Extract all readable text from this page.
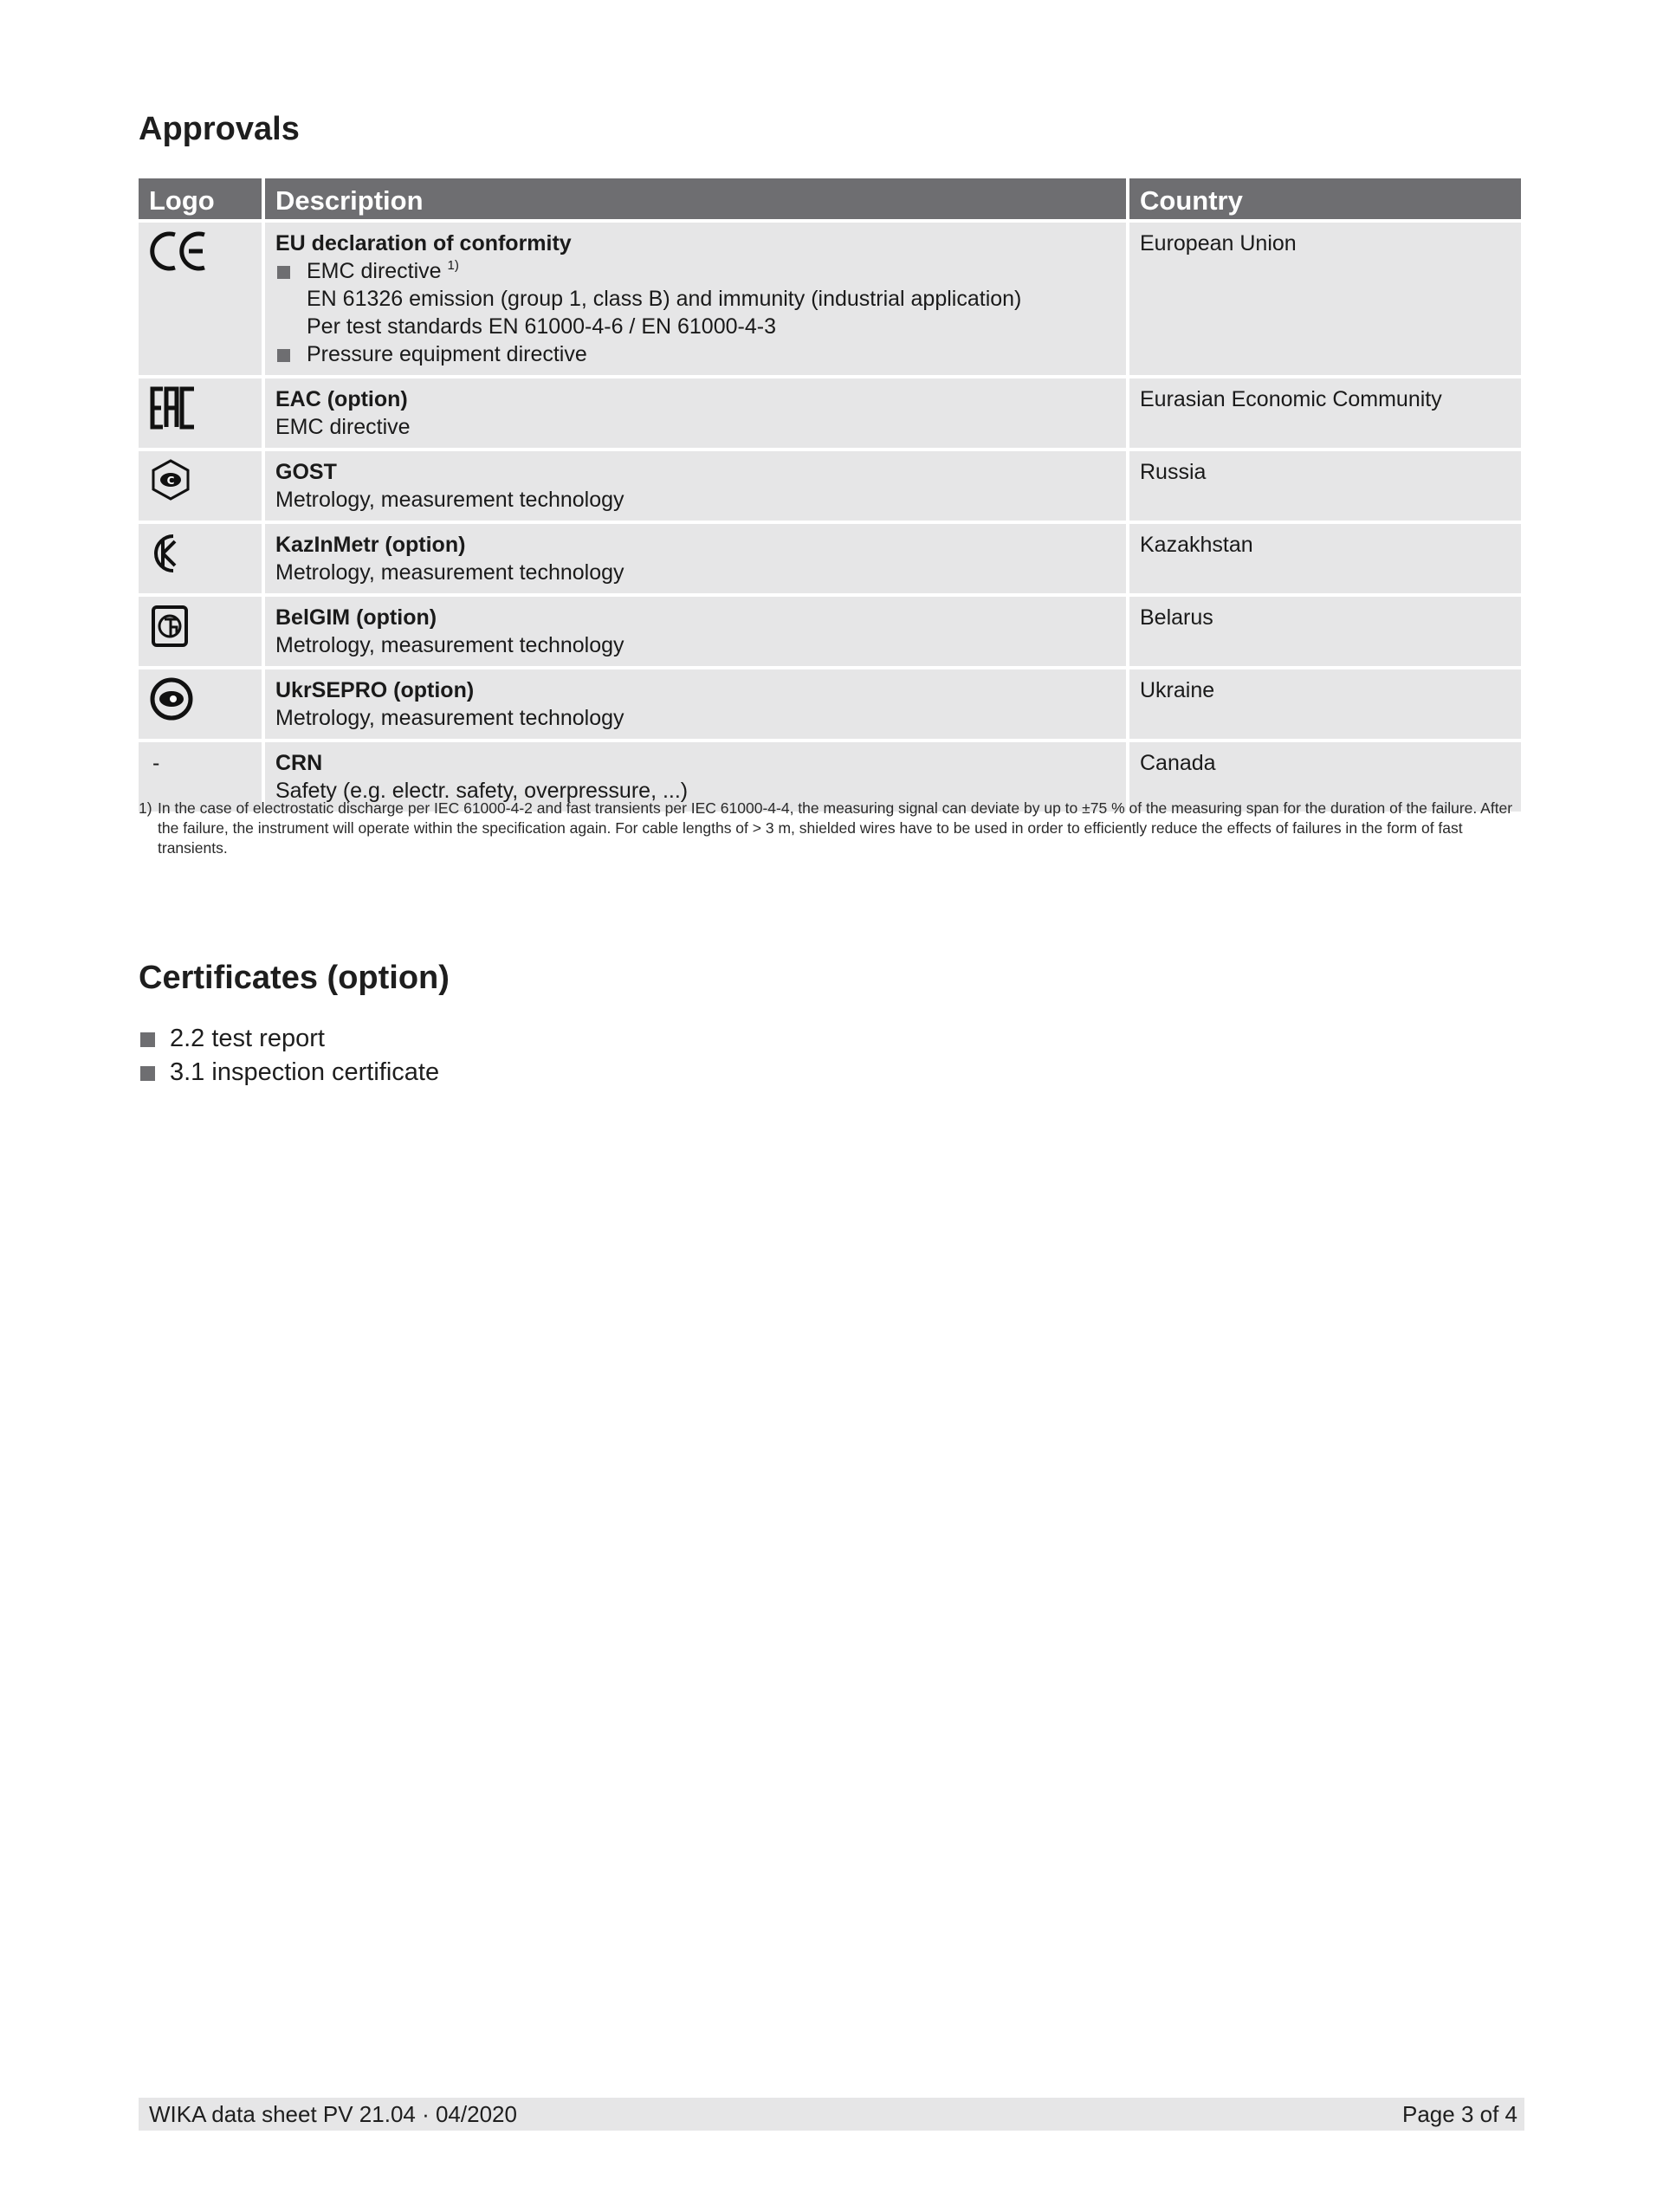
Approvals
Logo	Description	Country

EU declaration of conformity
EMC directive $^{1)}$
EN 61326 emission (group 1, class B) and immunity (industrial application)
Per test standards EN 61000-4-6 / EN 61000-4-3
Pressure equipment directive	European Union

EAC (option)
EMC directive	Eurasian Economic Community

C	GOST
Metrology, measurement technology	Russia

KazInMetr (option)
Metrology, measurement technology	Kazakhstan

BelGIM (option)
Metrology, measurement technology	Belarus

UkrSEPRO (option)
Metrology, measurement technology	Ukraine
-	CRN
Safety (e.g. electr. safety, overpressure, ...)	Canada
1) In the case of electrostatic discharge per IEC 61000-4-2 and fast transients per IEC 61000-4-4, the measuring signal can deviate by up to ±75 % of the measuring span for the duration of the failure. After the failure, the instrument will operate within the specification again. For cable lengths of > 3 m, shielded wires have to be used in order to efficiently reduce the effects of failures in the form of fast transients.
Certificates (option)
2.2 test report
3.1 inspection certificate
WIKA data sheet PV 21.04 · 04/2020	Page 3 of 4
